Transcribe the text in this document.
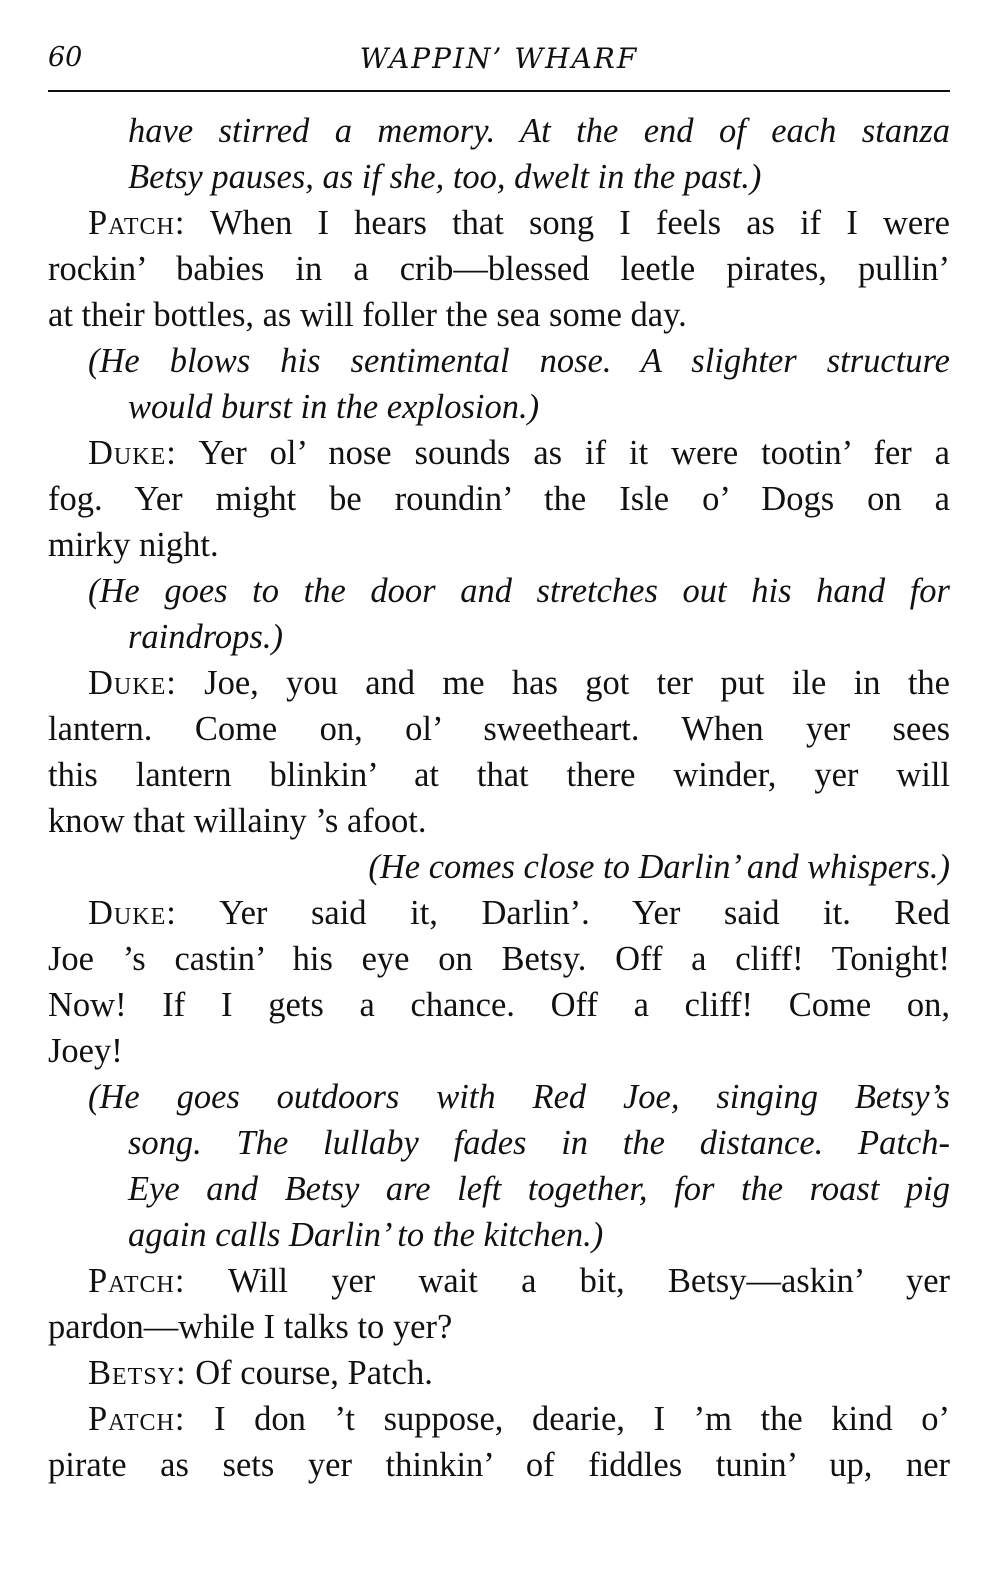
60	WAPPIN’ WHARF
have stirred a memory. At the end of each stanza
Betsy pauses, as if she, too, dwelt in the past.)
Patch: When I hears that song I feels as if I were
rockin’ babies in a crib—blessed leetle pirates, pullin’
at their bottles, as will foller the sea some day.
(He blows his sentimental nose. A slighter structure
would burst in the explosion.)
Duke: Yer ol’ nose sounds as if it were tootin’ fer a
fog. Yer might be roundin’ the Isle o’ Dogs on a
mirky night.
(He goes to the door and stretches out his hand for
raindrops.)
Duke: Joe, you and me has got ter put ile in the
lantern. Come on, ol’ sweetheart. When yer sees
this lantern blinkin’ at that there winder, yer will
know that willainy ’s afoot.
(He comes close to Darlin’ and whispers.)
Duke: Yer said it, Darlin’. Yer said it. Red
Joe ’s castin’ his eye on Betsy. Off a cliff! Tonight!
Now! If I gets a chance. Off a cliff! Come on,
Joey!
(He goes outdoors with Red Joe, singing Betsy’s
song. The lullaby fades in the distance. Patch-
Eye and Betsy are left together, for the roast pig
again calls Darlin’ to the kitchen.)
Patch: Will yer wait a bit, Betsy—askin’ yer
pardon—while I talks to yer?
Betsy: Of course, Patch.
Patch: I don ’t suppose, dearie, I ’m the kind o’
pirate as sets yer thinkin’ of fiddles tunin’ up, ner
